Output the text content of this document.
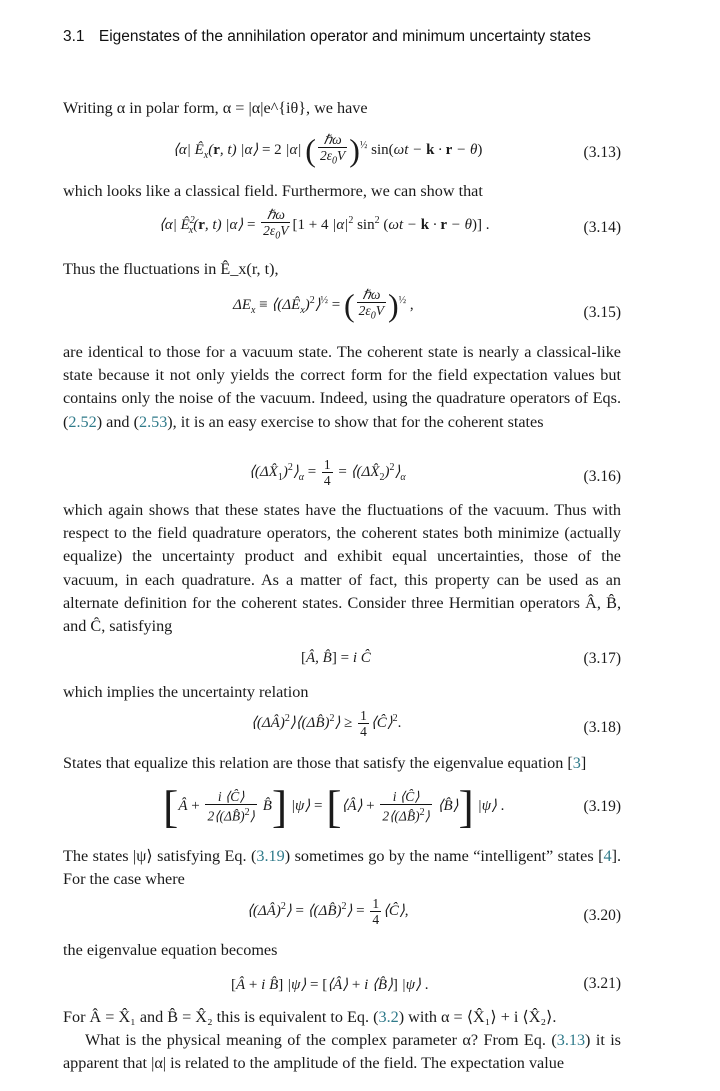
3.1 Eigenstates of the annihilation operator and minimum uncertainty states
Writing α in polar form, α = |α|e^{iθ}, we have
⟨α| $Ê_x(r$, t) |α⟩ = 2 |α| ( $\frac{\text{ℏω}}{2\varepsilon_0V} )^{\frac{1}{2}}$ sin(ωt − k · r − θ)	(3.13)
which looks like a classical field. Furthermore, we can show that
⟨α| $Ê^2_x(r$, t) |α⟩ = $\frac{\text{ℏω}}{2\varepsilon_0V} [1 + 4$ $|\alpha|^2$ $\sin^2 (\omega t - k \cdot r - \theta)$] .	(3.14)
Thus the fluctuations in Ê_x(r, t),
$\Delta E_x$ ≡ $⟨(\Delta Ê_x)^2⟩^{\frac{1}{2}}$ = ( $\frac{\text{ℏω}}{2\varepsilon_0V} )^{\frac{1}{2}}$ ,	(3.15)
are identical to those for a vacuum state. The coherent state is nearly a classical-like state because it not only yields the correct form for the field expectation values but contains only the noise of the vacuum. Indeed, using the quadrature operators of Eqs. (2.52) and (2.53), it is an easy exercise to show that for the coherent states
$⟨(\Delta X̂_1)^2⟩_\alpha = \frac{1}{4}$ = $⟨(\Delta X̂_2)^2⟩_\alpha$	(3.16)
which again shows that these states have the fluctuations of the vacuum. Thus with respect to the field quadrature operators, the coherent states both minimize (actually equalize) the uncertainty product and exhibit equal uncertainties, those of the vacuum, in each quadrature. As a matter of fact, this property can be used as an alternate definition for the coherent states. Consider three Hermitian operators Â, B̂, and Ĉ, satisfying
[Â, B̂] = i Ĉ	(3.17)
which implies the uncertainty relation
⟨(ΔÂ)$^2$⟩⟨(ΔB̂)$^2$⟩ ≥ $\frac{1}{4}$ ⟨Ĉ⟩$^2$.	(3.18)
States that equalize this relation are those that satisfy the eigenvalue equation [3]
[Â + $\frac{i ⟨Ĉ⟩}{2⟨(\Delta B̂)^2⟩}$ B̂] |ψ⟩ = [⟨Â⟩ + $\frac{i ⟨Ĉ⟩}{2⟨(\Delta B̂)^2⟩}$ ⟨B̂⟩] |ψ⟩ .	(3.19)
The states |ψ⟩ satisfying Eq. (3.19) sometimes go by the name “intelligent” states [4]. For the case where
⟨(ΔÂ)$^2$⟩ = ⟨(ΔB̂)$^2$⟩ = $\frac{1}{4}$ ⟨Ĉ⟩,	(3.20)
the eigenvalue equation becomes
[Â + i B̂] |ψ⟩ = [⟨Â⟩ + i ⟨B̂⟩] |ψ⟩ .	(3.21)
For Â = X̂₁ and B̂ = X̂₂ this is equivalent to Eq. (3.2) with α = ⟨X̂₁⟩ + i ⟨X̂₂⟩.
What is the physical meaning of the complex parameter α? From Eq. (3.13) it is apparent that |α| is related to the amplitude of the field. The expectation value
